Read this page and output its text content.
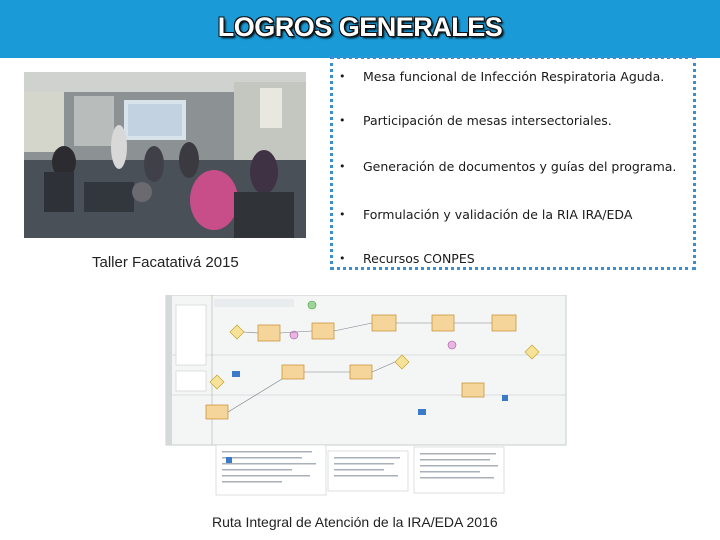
LOGROS GENERALES
Taller Facatativá 2015
• Mesa funcional de Infección Respiratoria Aguda.
• Participación de mesas intersectoriales.
• Generación de documentos y guías del programa.
• Formulación y validación de la RIA IRA/EDA
• Recursos CONPES
Ruta Integral de Atención de la IRA/EDA 2016
